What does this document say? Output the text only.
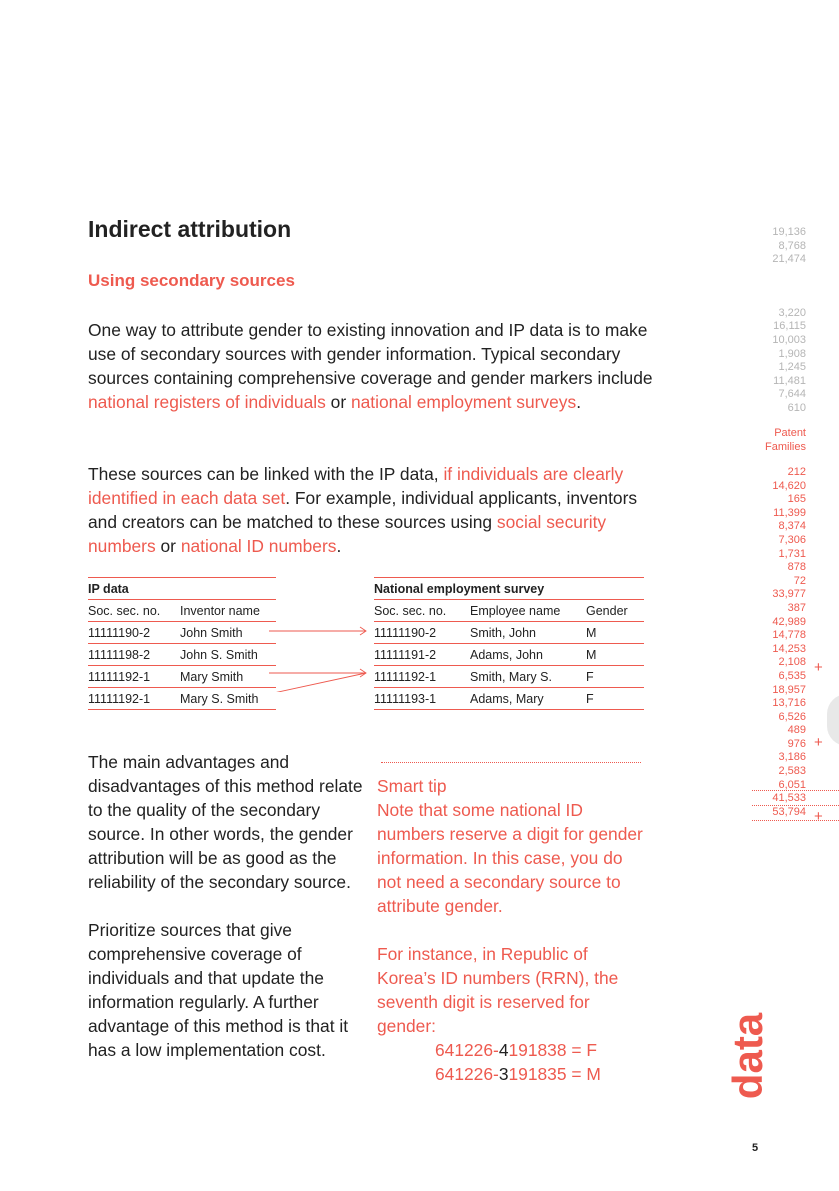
Indirect attribution
Using secondary sources
One way to attribute gender to existing innovation and IP data is to make use of secondary sources with gender information. Typical secondary sources containing comprehensive coverage and gender markers include national registers of individuals or national employment surveys.
These sources can be linked with the IP data, if individuals are clearly identified in each data set. For example, individual applicants, inventors and creators can be matched to these sources using social security numbers or national ID numbers.
IP data	
Soc. sec. no.	Inventor name
11111190-2	John Smith
11111198-2	John S. Smith
11111192-1	Mary Smith
11111192-1	Mary S. Smith
National employment survey		
Soc. sec. no.	Employee name	Gender
11111190-2	Smith, John	M
11111191-2	Adams, John	M
11111192-1	Smith, Mary S.	F
11111193-1	Adams, Mary	F
The main advantages and disadvantages of this method relate to the quality of the secondary source. In other words, the gender attribution will be as good as the reliability of the secondary source.
Prioritize sources that give comprehensive coverage of individuals and that update the information regularly. A further advantage of this method is that it has a low implementation cost.
Smart tip
Note that some national ID numbers reserve a digit for gender information. In this case, you do not need a secondary source to attribute gender.
For instance, in Republic of Korea’s ID numbers (RRN), the seventh digit is reserved for gender:
641226-4191838 = F
641226-3191835 = M
19,136
8,768
21,474
3,220
16,115
10,003
1,908
1,245
11,481
7,644
610
Patent
Families
212
14,620
165
11,399
8,374
7,306
1,731
878
72
33,977
387
42,989
14,778
14,253
2,108
6,535
18,957
13,716
6,526
489
976
3,186
2,583
6,051
41,533
53,794
+
+
+
data
5
